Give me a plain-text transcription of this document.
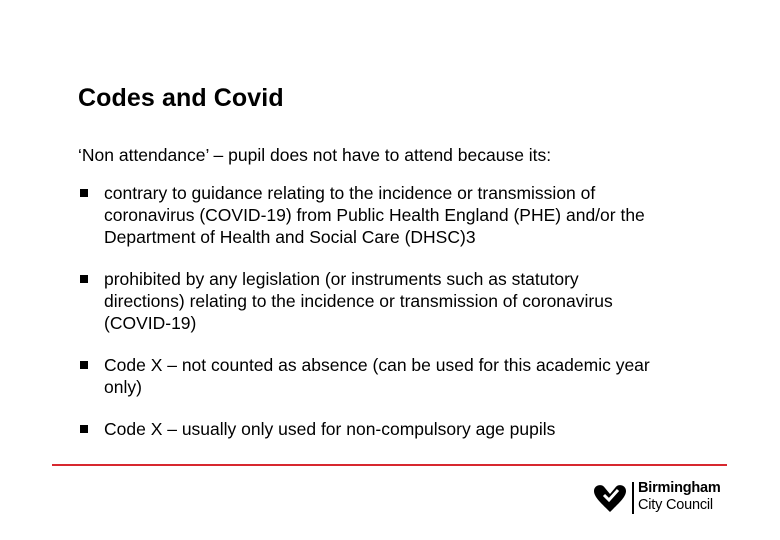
Codes and Covid
‘Non attendance’ – pupil does not have to attend because its:
contrary to guidance relating to the incidence or transmission of coronavirus (COVID-19) from Public Health England (PHE) and/or the Department of Health and Social Care (DHSC)3
prohibited by any legislation (or instruments such as statutory directions) relating to the incidence or transmission of coronavirus (COVID-19)
Code X – not counted as absence (can be used for this academic year only)
Code X – usually only used for non-compulsory age pupils
Birmingham
City Council
